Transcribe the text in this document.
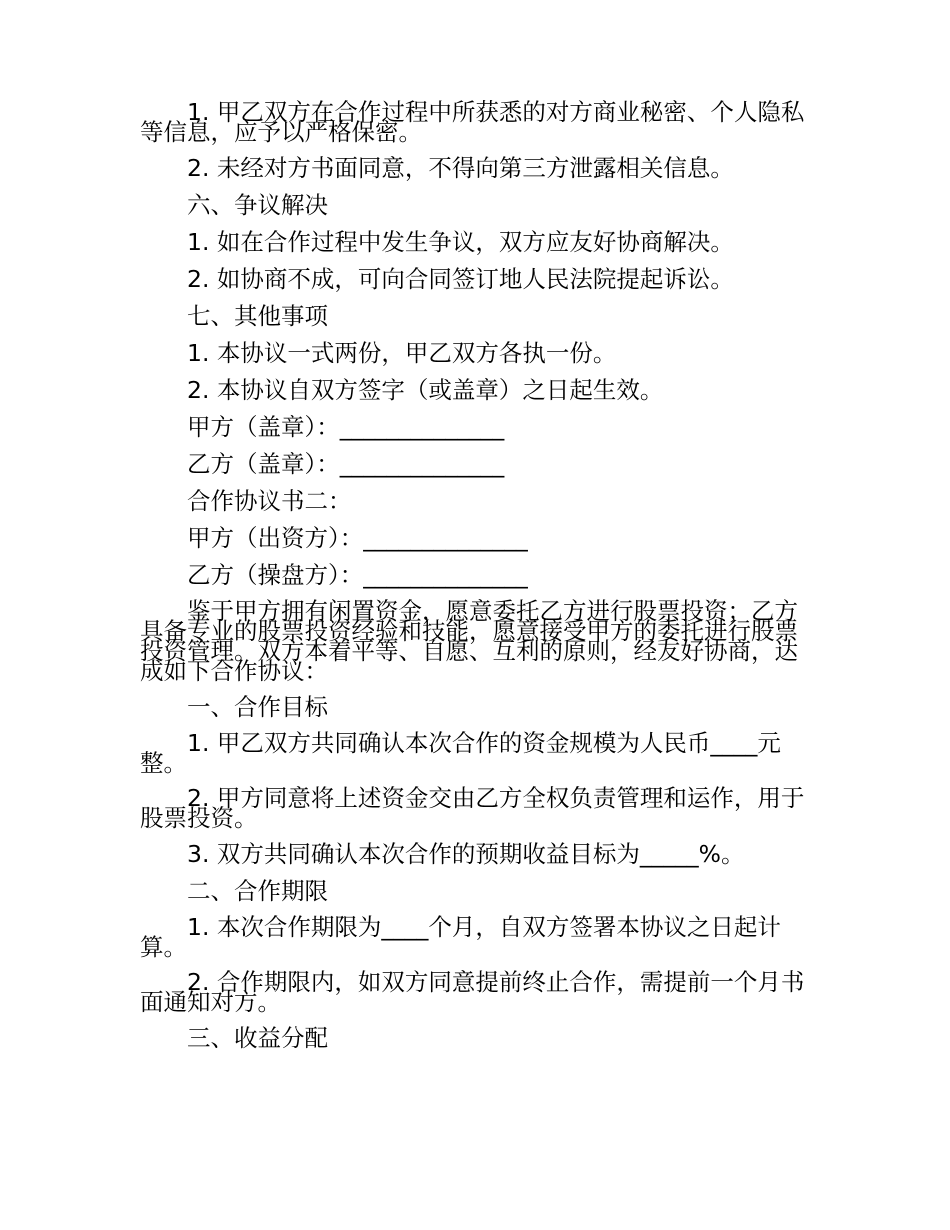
1. 甲乙双方在合作过程中所获悉的对方商业秘密、个人隐私等信息，应予以严格保密。

2. 未经对方书面同意，不得向第三方泄露相关信息。

六、争议解决

1. 如在合作过程中发生争议，双方应友好协商解决。

2. 如协商不成，可向合同签订地人民法院提起诉讼。

七、其他事项

1. 本协议一式两份，甲乙双方各执一份。

2. 本协议自双方签字（或盖章）之日起生效。

甲方（盖章）：______________

乙方（盖章）：______________

合作协议书二：

甲方（出资方）：______________

乙方（操盘方）：______________

鉴于甲方拥有闲置资金，愿意委托乙方进行股票投资；乙方具备专业的股票投资经验和技能，愿意接受甲方的委托进行股票投资管理。双方本着平等、自愿、互利的原则，经友好协商，达成如下合作协议：

一、合作目标

1. 甲乙双方共同确认本次合作的资金规模为人民币____元整。

2. 甲方同意将上述资金交由乙方全权负责管理和运作，用于股票投资。

3. 双方共同确认本次合作的预期收益目标为_____%。

二、合作期限

1. 本次合作期限为____个月，自双方签署本协议之日起计算。

2. 合作期限内，如双方同意提前终止合作，需提前一个月书面通知对方。

三、收益分配
